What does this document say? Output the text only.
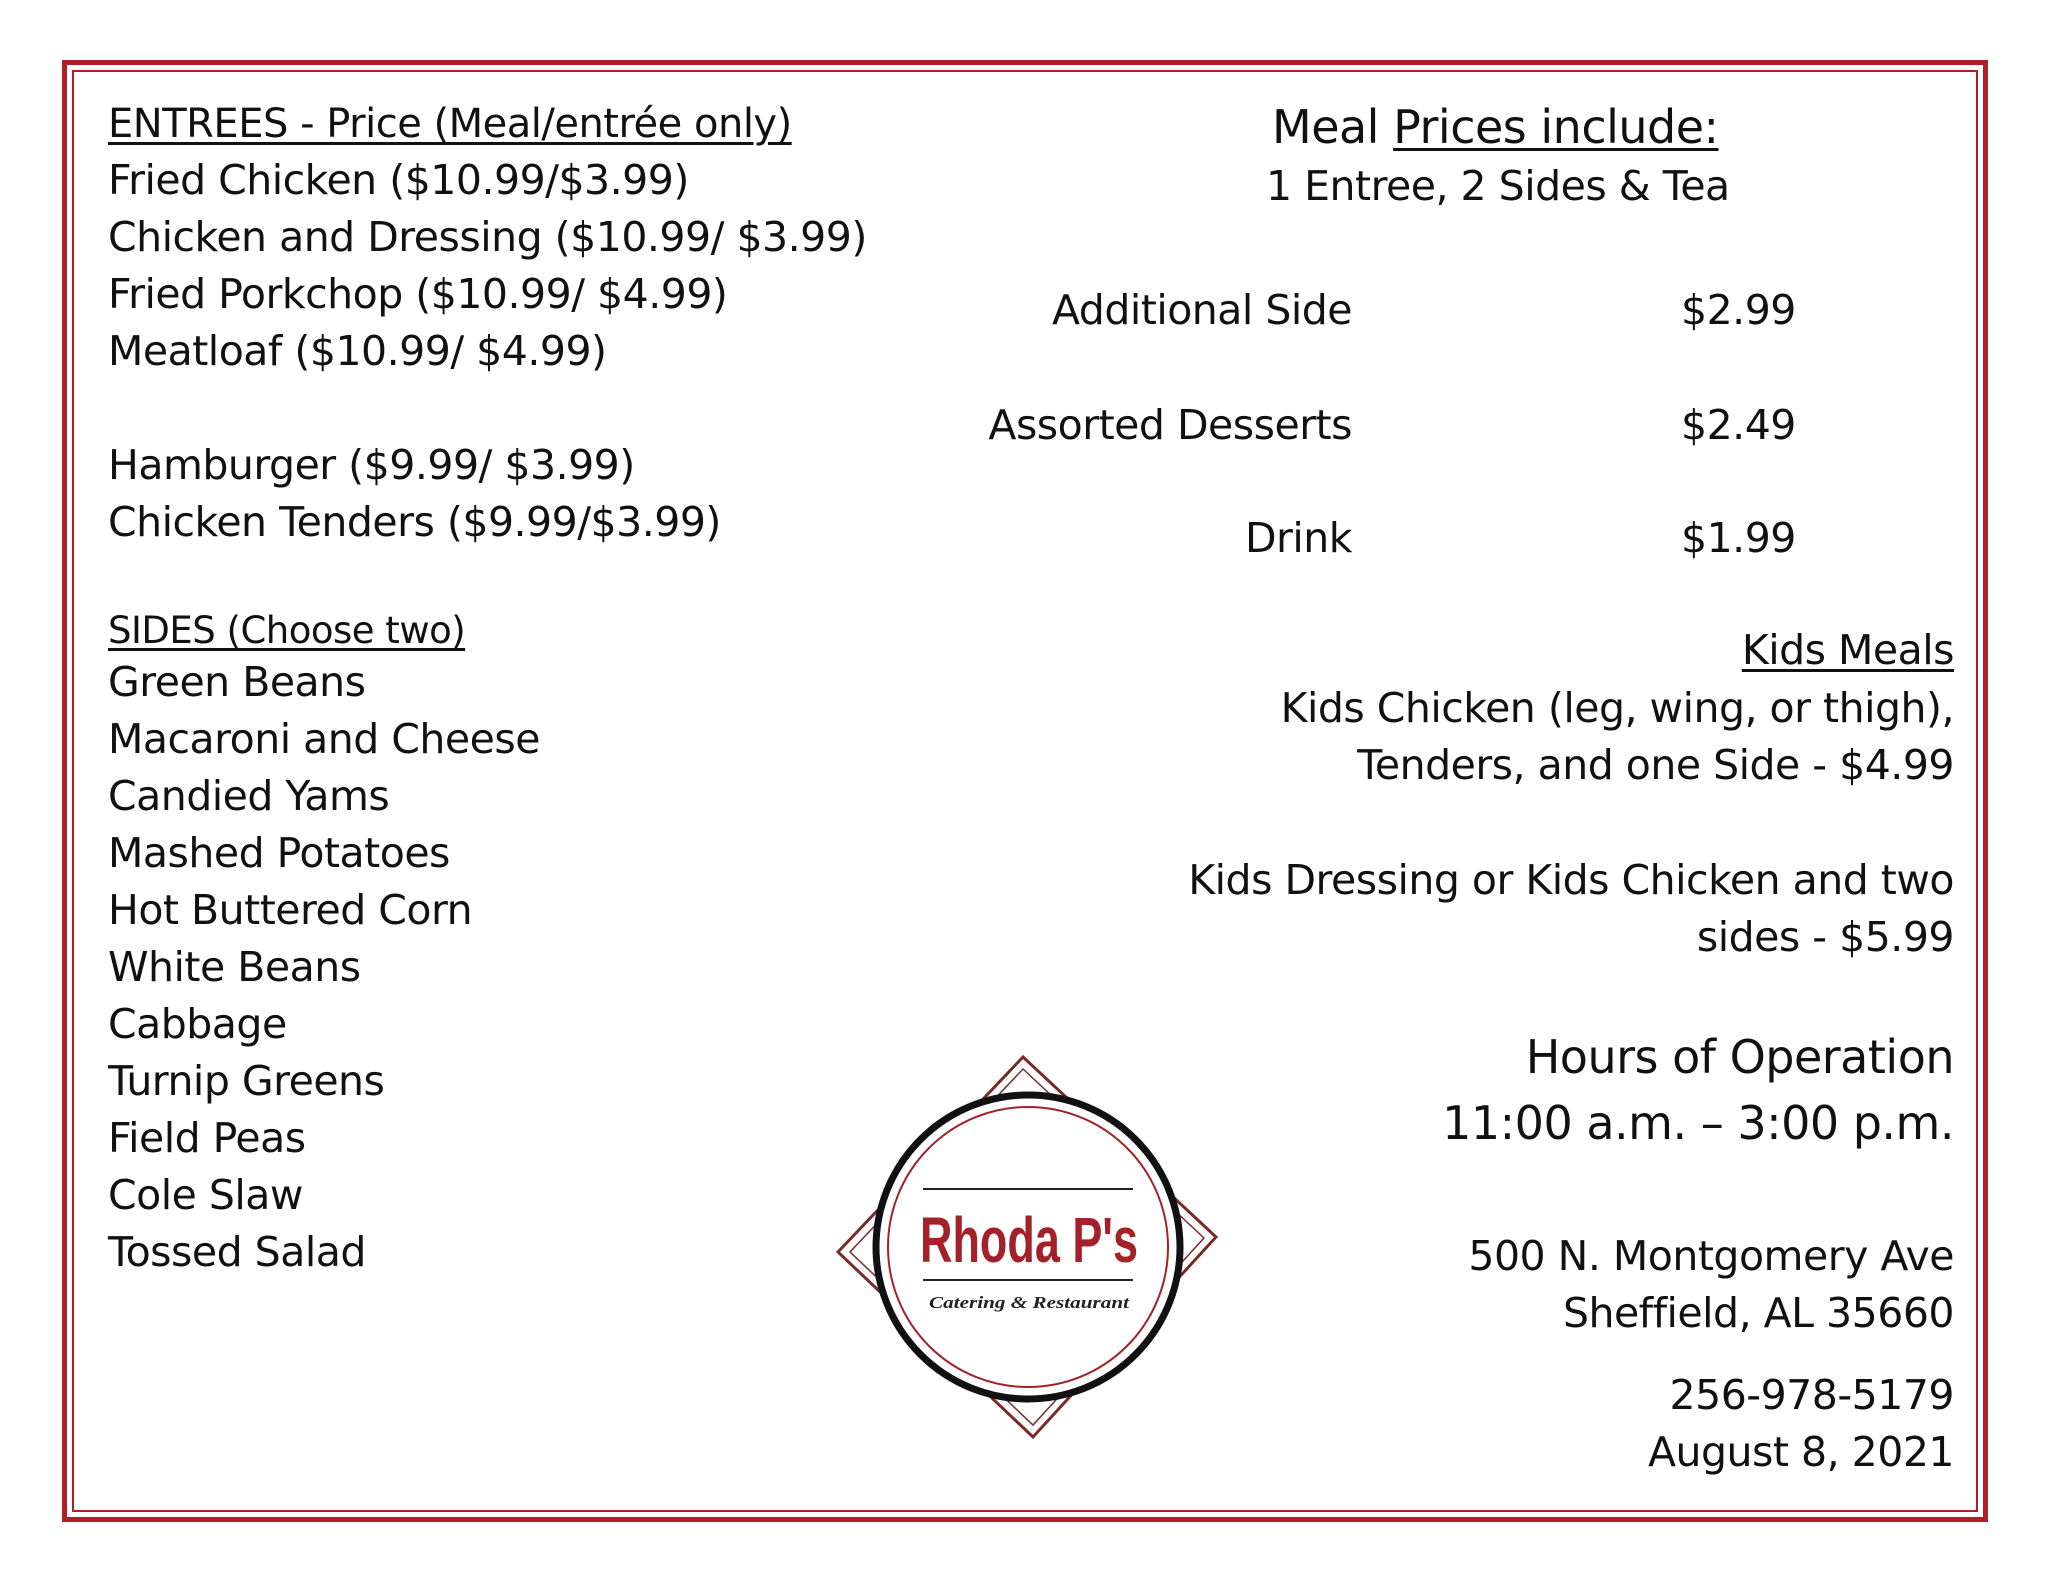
ENTREES - Price (Meal/entrée only)
Fried Chicken ($10.99/$3.99)
Chicken and Dressing ($10.99/ $3.99)
Fried Porkchop ($10.99/ $4.99)
Meatloaf ($10.99/ $4.99)
Hamburger ($9.99/ $3.99)
Chicken Tenders ($9.99/$3.99)
SIDES (Choose two)
Green Beans
Macaroni and Cheese
Candied Yams
Mashed Potatoes
Hot Buttered Corn
White Beans
Cabbage
Turnip Greens
Field Peas
Cole Slaw
Tossed Salad
Meal Prices include:
1 Entree, 2 Sides & Tea
Additional Side	$2.99
Assorted Desserts	$2.49
Drink	$1.99
Kids Meals
Kids Chicken (leg, wing, or thigh),
Tenders, and one Side - $4.99
Kids Dressing or Kids Chicken and two
sides - $5.99
Hours of Operation
11:00 a.m. – 3:00 p.m.
500 N. Montgomery Ave
Sheffield, AL 35660
256-978-5179
August 8, 2021
Rhoda P's
Catering & Restaurant
